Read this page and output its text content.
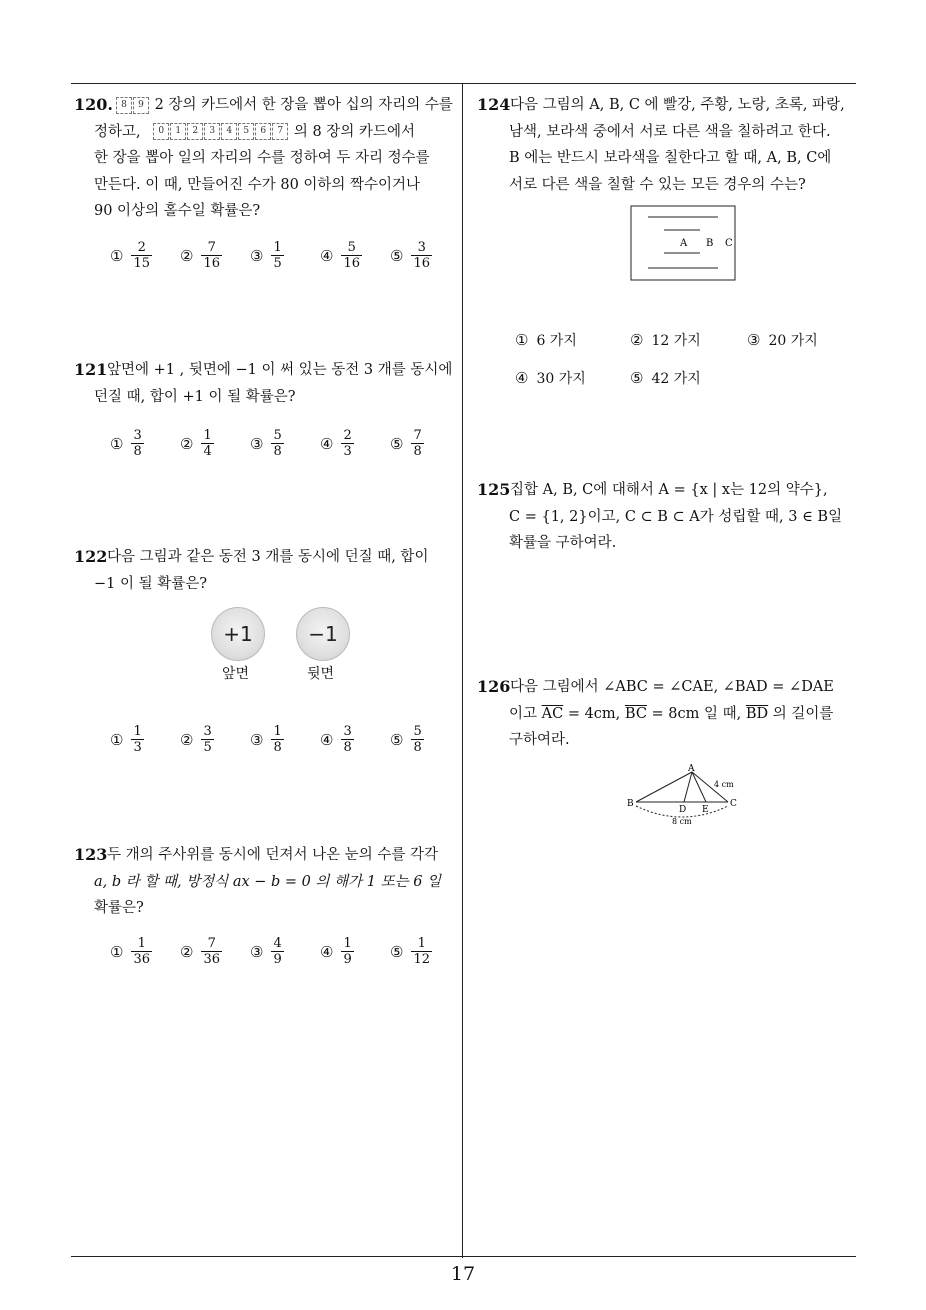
17
120. 8 9 2 장의 카드에서 한 장을 뽑아 십의 자리의 수를
정하고, 0 1 2 3 4 5 6 7 의 8 장의 카드에서
한 장을 뽑아 일의 자리의 수를 정하여 두 자리 정수를
만든다. 이 때, 만들어진 수가 80 이하의 짝수이거나
90 이상의 홀수일 확률은?
① $\frac{2}{15}$ ② $\frac{7}{16}$ ③ $\frac{1}{5}$ ④ $\frac{5}{16}$ ⑤ $\frac{3}{16}$
121 앞면에 +1 , 뒷면에 −1 이 써 있는 동전 3 개를 동시에
던질 때, 합이 +1 이 될 확률은?
① $\frac{3}{8}$ ② $\frac{1}{4}$ ③ $\frac{5}{8}$ ④ $\frac{2}{3}$ ⑤ $\frac{7}{8}$
122 다음 그림과 같은 동전 3 개를 동시에 던질 때, 합이
−1 이 될 확률은?
+1	−1
앞면	뒷면
① $\frac{1}{3}$ ② $\frac{3}{5}$ ③ $\frac{1}{8}$ ④ $\frac{3}{8}$ ⑤ $\frac{5}{8}$
123 두 개의 주사위를 동시에 던져서 나온 눈의 수를 각각
a, b 라 할 때, 방정식 ax − b = 0 의 해가 1 또는 6 일
확률은?
① $\frac{1}{36}$ ② $\frac{7}{36}$ ③ $\frac{4}{9}$ ④ $\frac{1}{9}$ ⑤ $\frac{1}{12}$
124 다음 그림의 A, B, C 에 빨강, 주황, 노랑, 초록, 파랑,
남색, 보라색 중에서 서로 다른 색을 칠하려고 한다.
B 에는 반드시 보라색을 칠한다고 할 때, A, B, C에
서로 다른 색을 칠할 수 있는 모든 경우의 수는?
A B C
① 6 가지	② 12 가지	③ 20 가지
④ 30 가지	⑤ 42 가지
125 집합 A, B, C에 대해서 A = {x | x는 12의 약수},
C = {1, 2}이고, C ⊂ B ⊂ A가 성립할 때, 3 ∈ B일
확률을 구하여라.
126 다음 그림에서 ∠ABC = ∠CAE, ∠BAD = ∠DAE
이고 $\overline{AC} = 4cm$, $\overline{BC} = 8cm$ 일 때, $\overline{BD}$ 의 길이를
구하여라.
A
B	C
D E
4 cm
8 cm
